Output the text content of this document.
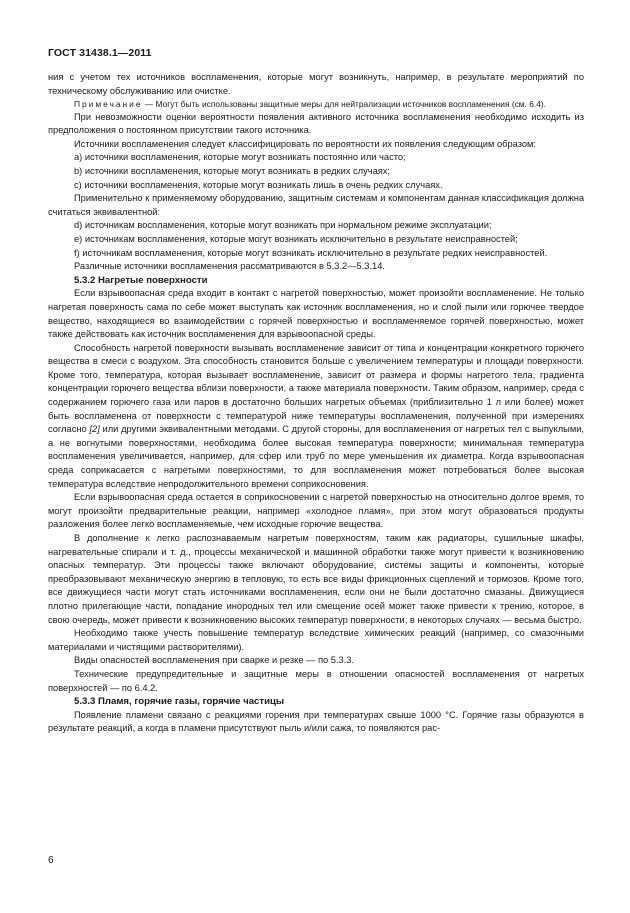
ГОСТ 31438.1—2011

ния с учетом тех источников воспламенения, которые могут возникнуть, например, в результате мероприятий по техническому обслуживанию или очистке.

Примечание — Могут быть использованы защитные меры для нейтрализации источников воспламенения (см. 6.4).

При невозможности оценки вероятности появления активного источника воспламенения необходимо исходить из предположения о постоянном присутствии такого источника.

Источники воспламенения следует классифицировать по вероятности их появления следующим образом:

a) источники воспламенения, которые могут возникать постоянно или часто;

b) источники воспламенения, которые могут возникать в редких случаях;

c) источники воспламенения, которые могут возникать лишь в очень редких случаях.

Применительно к применяемому оборудованию, защитным системам и компонентам данная классификация должна считаться эквивалентной:

d) источникам воспламенения, которые могут возникать при нормальном режиме эксплуатации;

e) источникам воспламенения, которые могут возникать исключительно в результате неисправностей;

f) источникам воспламенения, которые могут возникать исключительно в результате редких неисправностей.

Различные источники воспламенения рассматриваются в 5.3.2—5.3.14.

5.3.2 Нагретые поверхности

Если взрывоопасная среда входит в контакт с нагретой поверхностью, может произойти воспламенение. Не только нагретая поверхность сама по себе может выступать как источник воспламенения, но и слой пыли или горючее твердое вещество, находящиеся во взаимодействии с горячей поверхностью и воспламеняемое горячей поверхностью, может также действовать как источник воспламенения для взрывоопасной среды.

Способность нагретой поверхности вызывать воспламенение зависит от типа и концентрации конкретного горючего вещества в смеси с воздухом. Эта способность становится больше с увеличением температуры и площади поверхности. Кроме того, температура, которая вызывает воспламенение, зависит от размера и формы нагретого тела, градиента концентрации горючего вещества вблизи поверхности, а также материала поверхности. Таким образом, например, среда с содержанием горючего газа или паров в достаточно больших нагретых объемах (приблизительно 1 л или более) может быть воспламенена от поверхности с температурой ниже температуры воспламенения, полученной при измерениях согласно [2] или другими эквивалентными методами. С другой стороны, для воспламенения от нагретых тел с выпуклыми, а не вогнутыми поверхностями, необходима более высокая температура поверхности; минимальная температура воспламенения увеличивается, например, для сфер или труб по мере уменьшения их диаметра. Когда взрывоопасная среда соприкасается с нагретыми поверхностями, то для воспламенения может потребоваться более высокая температура вследствие непродолжительного времени соприкосновения.

Если взрывоопасная среда остается в соприкосновении с нагретой поверхностью на относительно долгое время, то могут произойти предварительные реакции, например «холодное пламя», при этом могут образоваться продукты разложения более легко воспламеняемые, чем исходные горючие вещества.

В дополнение к легко распознаваемым нагретым поверхностям, таким как радиаторы, сушильные шкафы, нагревательные спирали и т. д., процессы механической и машинной обработки также могут привести к возникновению опасных температур. Эти процессы также включают оборудование, системы защиты и компоненты, которые преобразовывают механическую энергию в тепловую, то есть все виды фрикционных сцеплений и тормозов. Кроме того, все движущиеся части могут стать источниками воспламенения, если они не были достаточно смазаны. Движущиеся плотно прилегающие части, попадание инородных тел или смещение осей может также привести к трению, которое, в свою очередь, может привести к возникновению высоких температур поверхности, в некоторых случаях — весьма быстро.

Необходимо также учесть повышение температур вследствие химических реакций (например, со смазочными материалами и чистящими растворителями).

Виды опасностей воспламенения при сварке и резке — по 5.3.3.

Технические предупредительные и защитные меры в отношении опасностей воспламенения от нагретых поверхностей — по 6.4.2.

5.3.3 Пламя, горячие газы, горячие частицы

Появление пламени связано с реакциями горения при температурах свыше 1000 °С. Горячие газы образуются в результате реакций, а когда в пламени присутствуют пыль и/или сажа, то появляются рас-

6
